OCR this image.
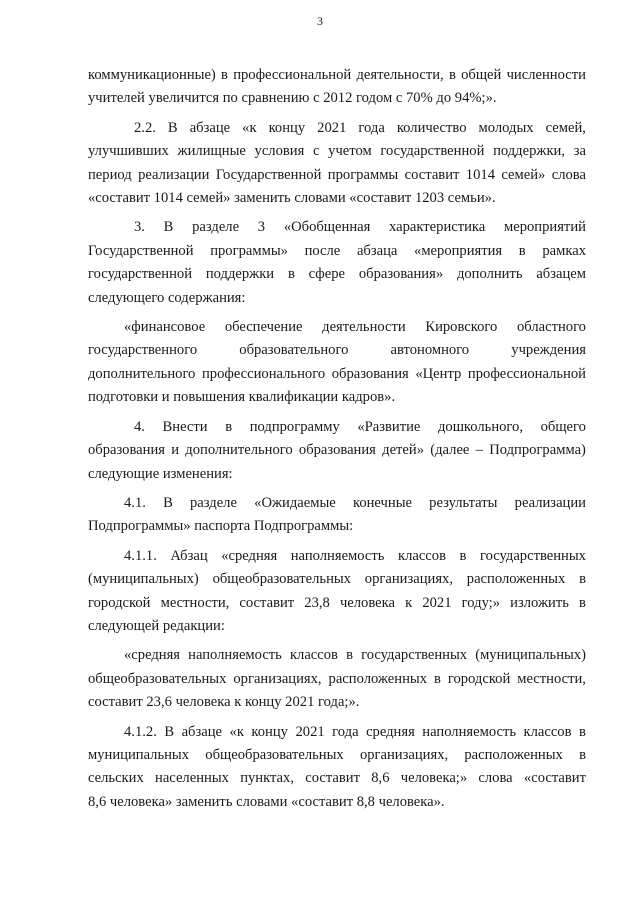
3
коммуникационные) в профессиональной деятельности, в общей численности
учителей увеличится по сравнению с 2012 годом с 70% до 94%;».
2.2. В абзаце «к концу 2021 года количество молодых семей,
улучшивших жилищные условия с учетом государственной поддержки, за
период реализации Государственной программы составит 1014 семей» слова
«составит 1014 семей» заменить словами «составит 1203 семьи».
3. В разделе 3 «Обобщенная характеристика мероприятий
Государственной программы» после абзаца «мероприятия в рамках
государственной поддержки в сфере образования» дополнить абзацем
следующего содержания:
«финансовое обеспечение деятельности Кировского областного
государственного	образовательного	автономного	учреждения
дополнительного профессионального образования «Центр профессиональной
подготовки и повышения квалификации кадров».
4. Внести в подпрограмму «Развитие дошкольного, общего
образования и дополнительного образования детей» (далее – Подпрограмма)
следующие изменения:
4.1. В разделе «Ожидаемые конечные результаты реализации
Подпрограммы» паспорта Подпрограммы:
4.1.1. Абзац «средняя наполняемость классов в государственных
(муниципальных) общеобразовательных организациях, расположенных в
городской местности, составит 23,8 человека к 2021 году;» изложить в
следующей редакции:
«средняя наполняемость классов в государственных (муниципальных)
общеобразовательных организациях, расположенных в городской местности,
составит 23,6 человека к концу 2021 года;».
4.1.2. В абзаце «к концу 2021 года средняя наполняемость классов в
муниципальных общеобразовательных организациях, расположенных в
сельских населенных пунктах, составит 8,6 человека;» слова «составит
8,6 человека» заменить словами «составит 8,8 человека».
